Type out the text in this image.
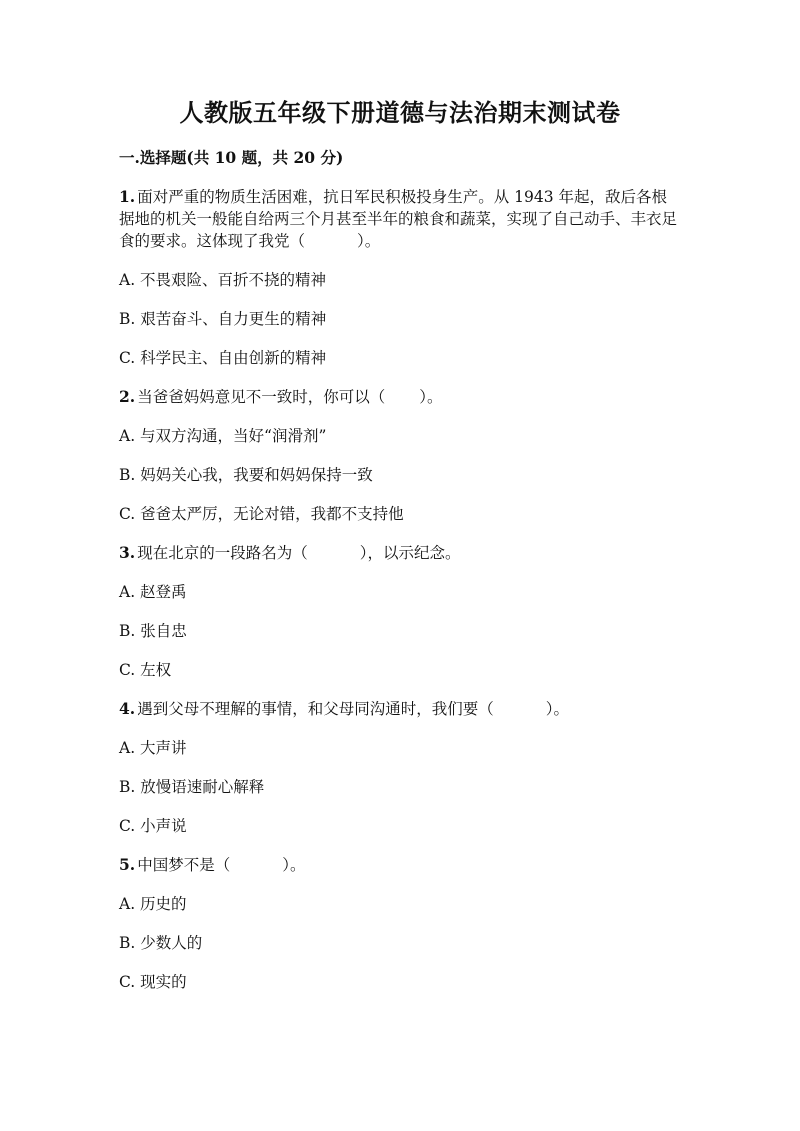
人教版五年级下册道德与法治期末测试卷
一.选择题(共 10 题，共 20 分)

1. 面对严重的物质生活困难，抗日军民积极投身生产。从 1943 年起，敌后各根据地的机关一般能自给两三个月甚至半年的粮食和蔬菜，实现了自己动手、丰衣足食的要求。这体现了我党（	）。

A. 不畏艰险、百折不挠的精神

B. 艰苦奋斗、自力更生的精神

C. 科学民主、自由创新的精神

2. 当爸爸妈妈意见不一致时，你可以（ ）。

A. 与双方沟通，当好“润滑剂”

B. 妈妈关心我，我要和妈妈保持一致

C. 爸爸太严厉，无论对错，我都不支持他

3. 现在北京的一段路名为（	），以示纪念。

A. 赵登禹

B. 张自忠

C. 左权

4. 遇到父母不理解的事情，和父母同沟通时，我们要（	）。

A. 大声讲

B. 放慢语速耐心解释

C. 小声说

5. 中国梦不是（	）。

A. 历史的

B. 少数人的

C. 现实的
